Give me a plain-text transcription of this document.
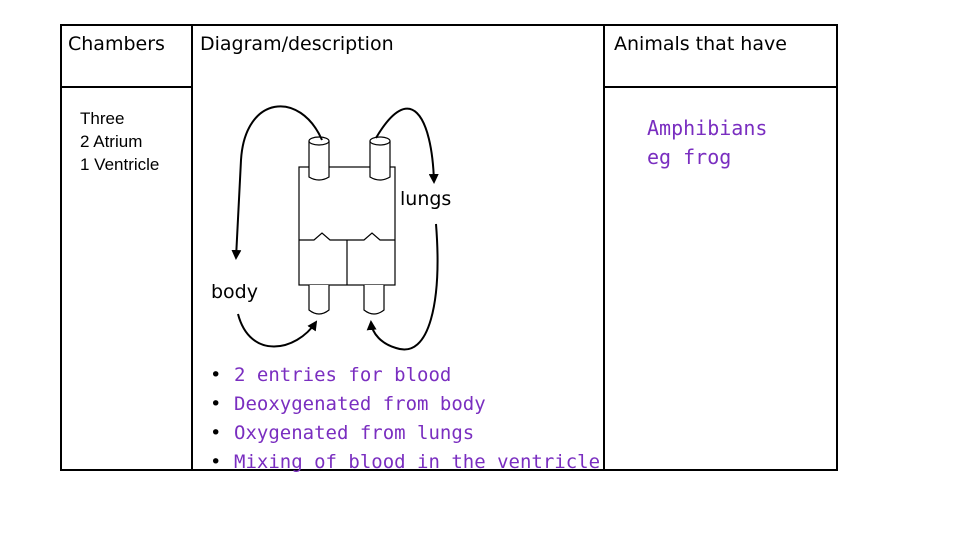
Chambers Diagram/description	Animals that have
Three
2 Atrium
1 Ventricle
Amphibians
eg frog
lungs
body
• 2 entries for blood
• Deoxygenated from body
• Oxygenated from lungs
• Mixing of blood in the ventricle
